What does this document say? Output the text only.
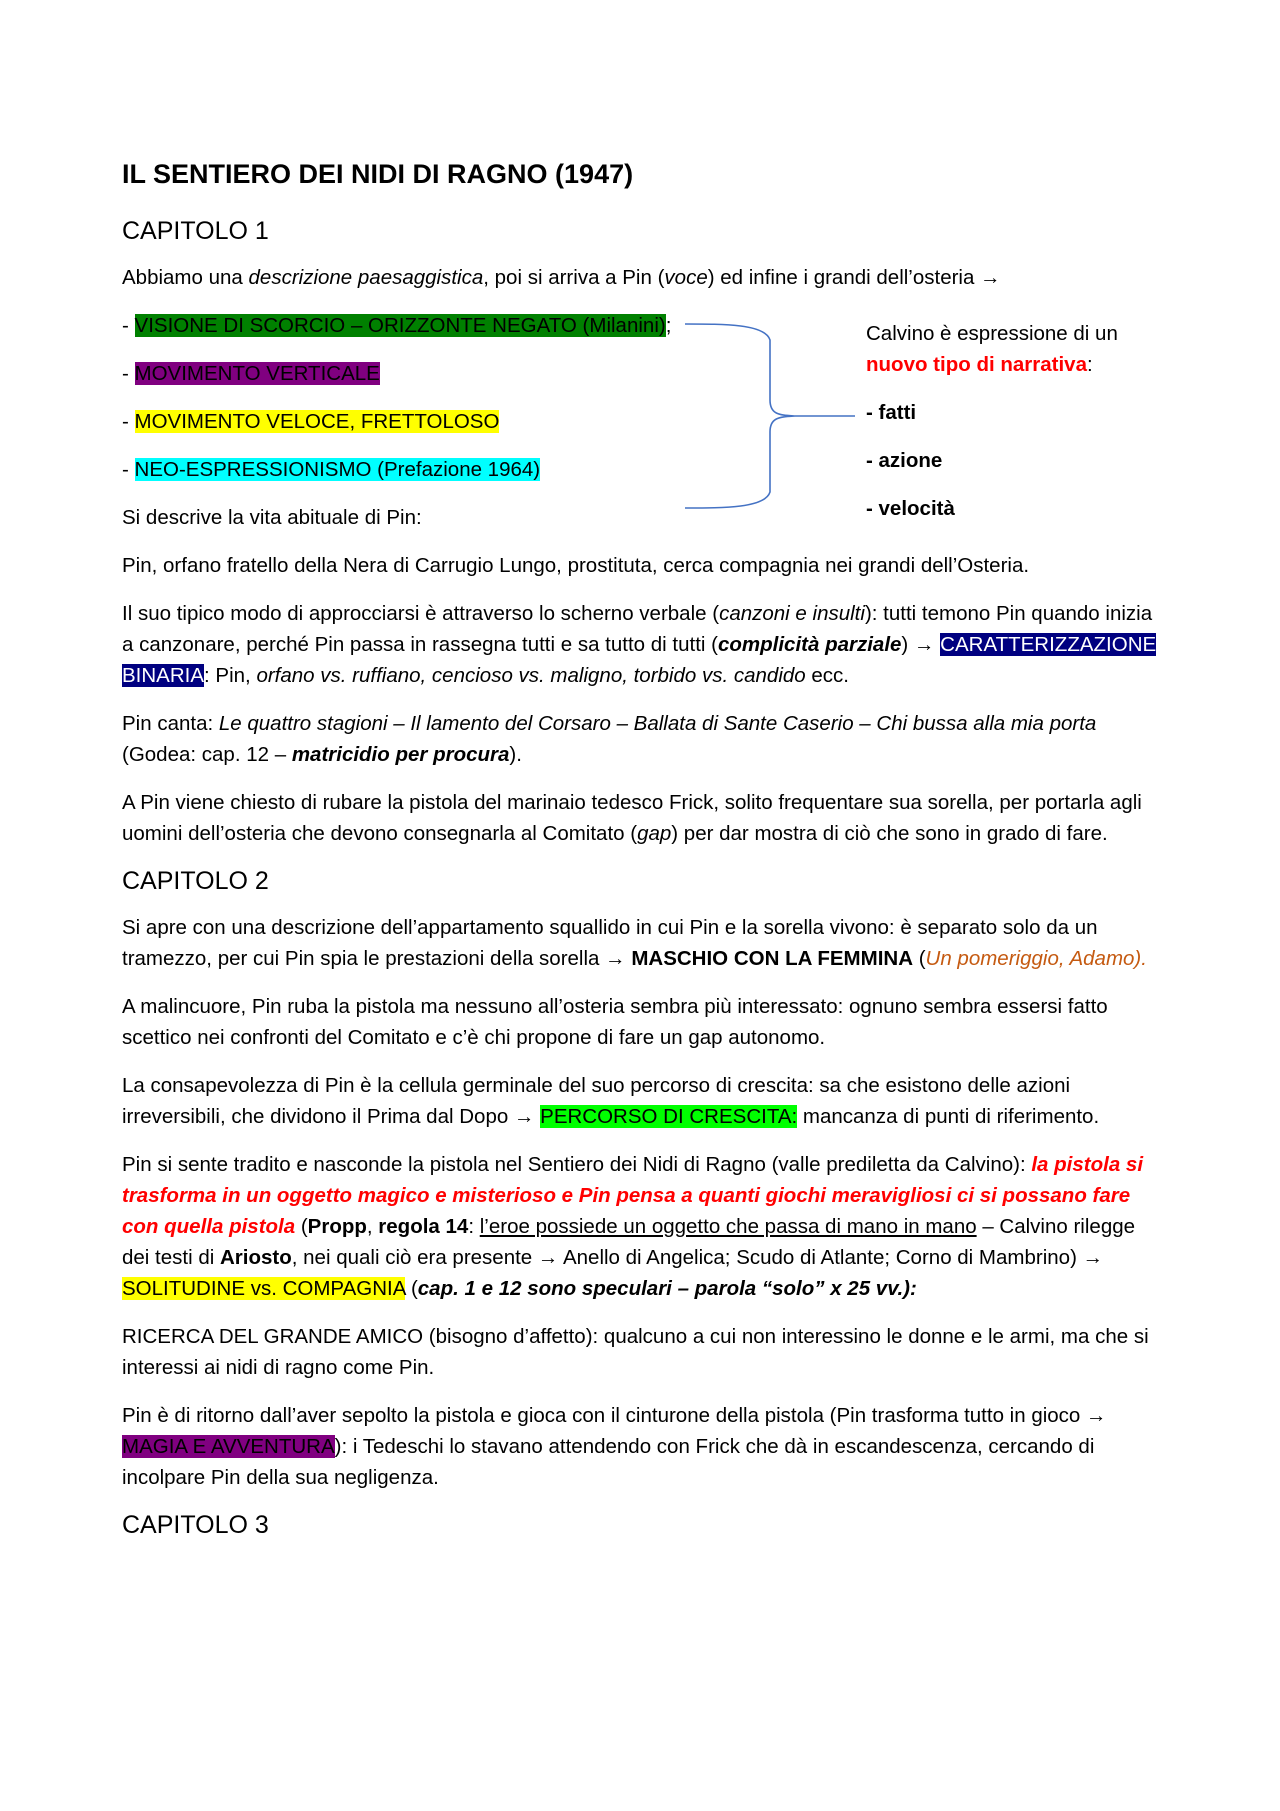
Calvino è espressione di un

nuovo tipo di narrativa:

- fatti

- azione

- velocità

IL SENTIERO DEI NIDI DI RAGNO (1947)
CAPITOLO 1

Abbiamo una descrizione paesaggistica, poi si arriva a Pin (voce) ed infine i grandi dell’osteria →

- VISIONE DI SCORCIO – ORIZZONTE NEGATO (Milanini);

- MOVIMENTO VERTICALE

- MOVIMENTO VELOCE, FRETTOLOSO

- NEO-ESPRESSIONISMO (Prefazione 1964)

Si descrive la vita abituale di Pin:

Pin, orfano fratello della Nera di Carrugio Lungo, prostituta, cerca compagnia nei grandi dell’Osteria.

Il suo tipico modo di approcciarsi è attraverso lo scherno verbale (canzoni e insulti): tutti temono Pin quando inizia a canzonare, perché Pin passa in rassegna tutti e sa tutto di tutti (complicità parziale) → CARATTERIZZAZIONE BINARIA: Pin, orfano vs. ruffiano, cencioso vs. maligno, torbido vs. candido ecc.

Pin canta: Le quattro stagioni – Il lamento del Corsaro – Ballata di Sante Caserio – Chi bussa alla mia porta (Godea: cap. 12 – matricidio per procura).

A Pin viene chiesto di rubare la pistola del marinaio tedesco Frick, solito frequentare sua sorella, per portarla agli uomini dell’osteria che devono consegnarla al Comitato (gap) per dar mostra di ciò che sono in grado di fare.

CAPITOLO 2

Si apre con una descrizione dell’appartamento squallido in cui Pin e la sorella vivono: è separato solo da un tramezzo, per cui Pin spia le prestazioni della sorella → MASCHIO CON LA FEMMINA (Un pomeriggio, Adamo).

A malincuore, Pin ruba la pistola ma nessuno all’osteria sembra più interessato: ognuno sembra essersi fatto scettico nei confronti del Comitato e c’è chi propone di fare un gap autonomo.

La consapevolezza di Pin è la cellula germinale del suo percorso di crescita: sa che esistono delle azioni irreversibili, che dividono il Prima dal Dopo → PERCORSO DI CRESCITA: mancanza di punti di riferimento.

Pin si sente tradito e nasconde la pistola nel Sentiero dei Nidi di Ragno (valle prediletta da Calvino): la pistola si trasforma in un oggetto magico e misterioso e Pin pensa a quanti giochi meravigliosi ci si possano fare con quella pistola (Propp, regola 14: l’eroe possiede un oggetto che passa di mano in mano – Calvino rilegge dei testi di Ariosto, nei quali ciò era presente → Anello di Angelica; Scudo di Atlante; Corno di Mambrino) → SOLITUDINE vs. COMPAGNIA (cap. 1 e 12 sono speculari – parola “solo” x 25 vv.):

RICERCA DEL GRANDE AMICO (bisogno d’affetto): qualcuno a cui non interessino le donne e le armi, ma che si interessi ai nidi di ragno come Pin.

Pin è di ritorno dall’aver sepolto la pistola e gioca con il cinturone della pistola (Pin trasforma tutto in gioco → MAGIA E AVVENTURA): i Tedeschi lo stavano attendendo con Frick che dà in escandescenza, cercando di incolpare Pin della sua negligenza.

CAPITOLO 3
